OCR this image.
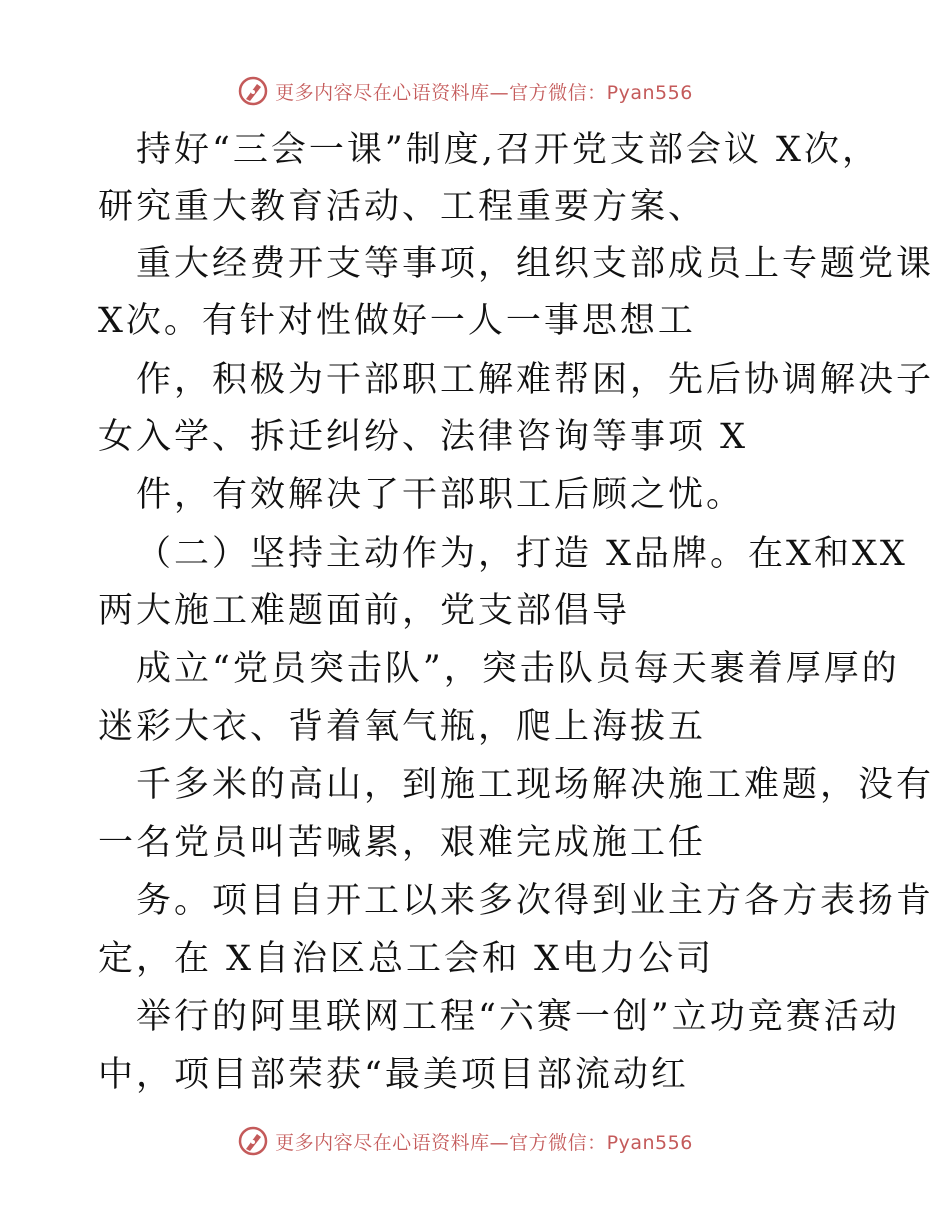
更多内容尽在心语资料库—官方微信：Pyan556
持好“三会一课”制度,召开党支部会议 X次，
研究重大教育活动、工程重要方案、
重大经费开支等事项，组织支部成员上专题党课
X次。有针对性做好一人一事思想工
作，积极为干部职工解难帮困，先后协调解决子
女入学、拆迁纠纷、法律咨询等事项 X
件，有效解决了干部职工后顾之忧。
（二）坚持主动作为，打造 X品牌。在X和XX
两大施工难题面前，党支部倡导
成立“党员突击队”，突击队员每天裹着厚厚的
迷彩大衣、背着氧气瓶，爬上海拔五
千多米的高山，到施工现场解决施工难题，没有
一名党员叫苦喊累，艰难完成施工任
务。项目自开工以来多次得到业主方各方表扬肯
定，在 X自治区总工会和 X电力公司
举行的阿里联网工程“六赛一创”立功竞赛活动
中，项目部荣获“最美项目部流动红
更多内容尽在心语资料库—官方微信：Pyan556
